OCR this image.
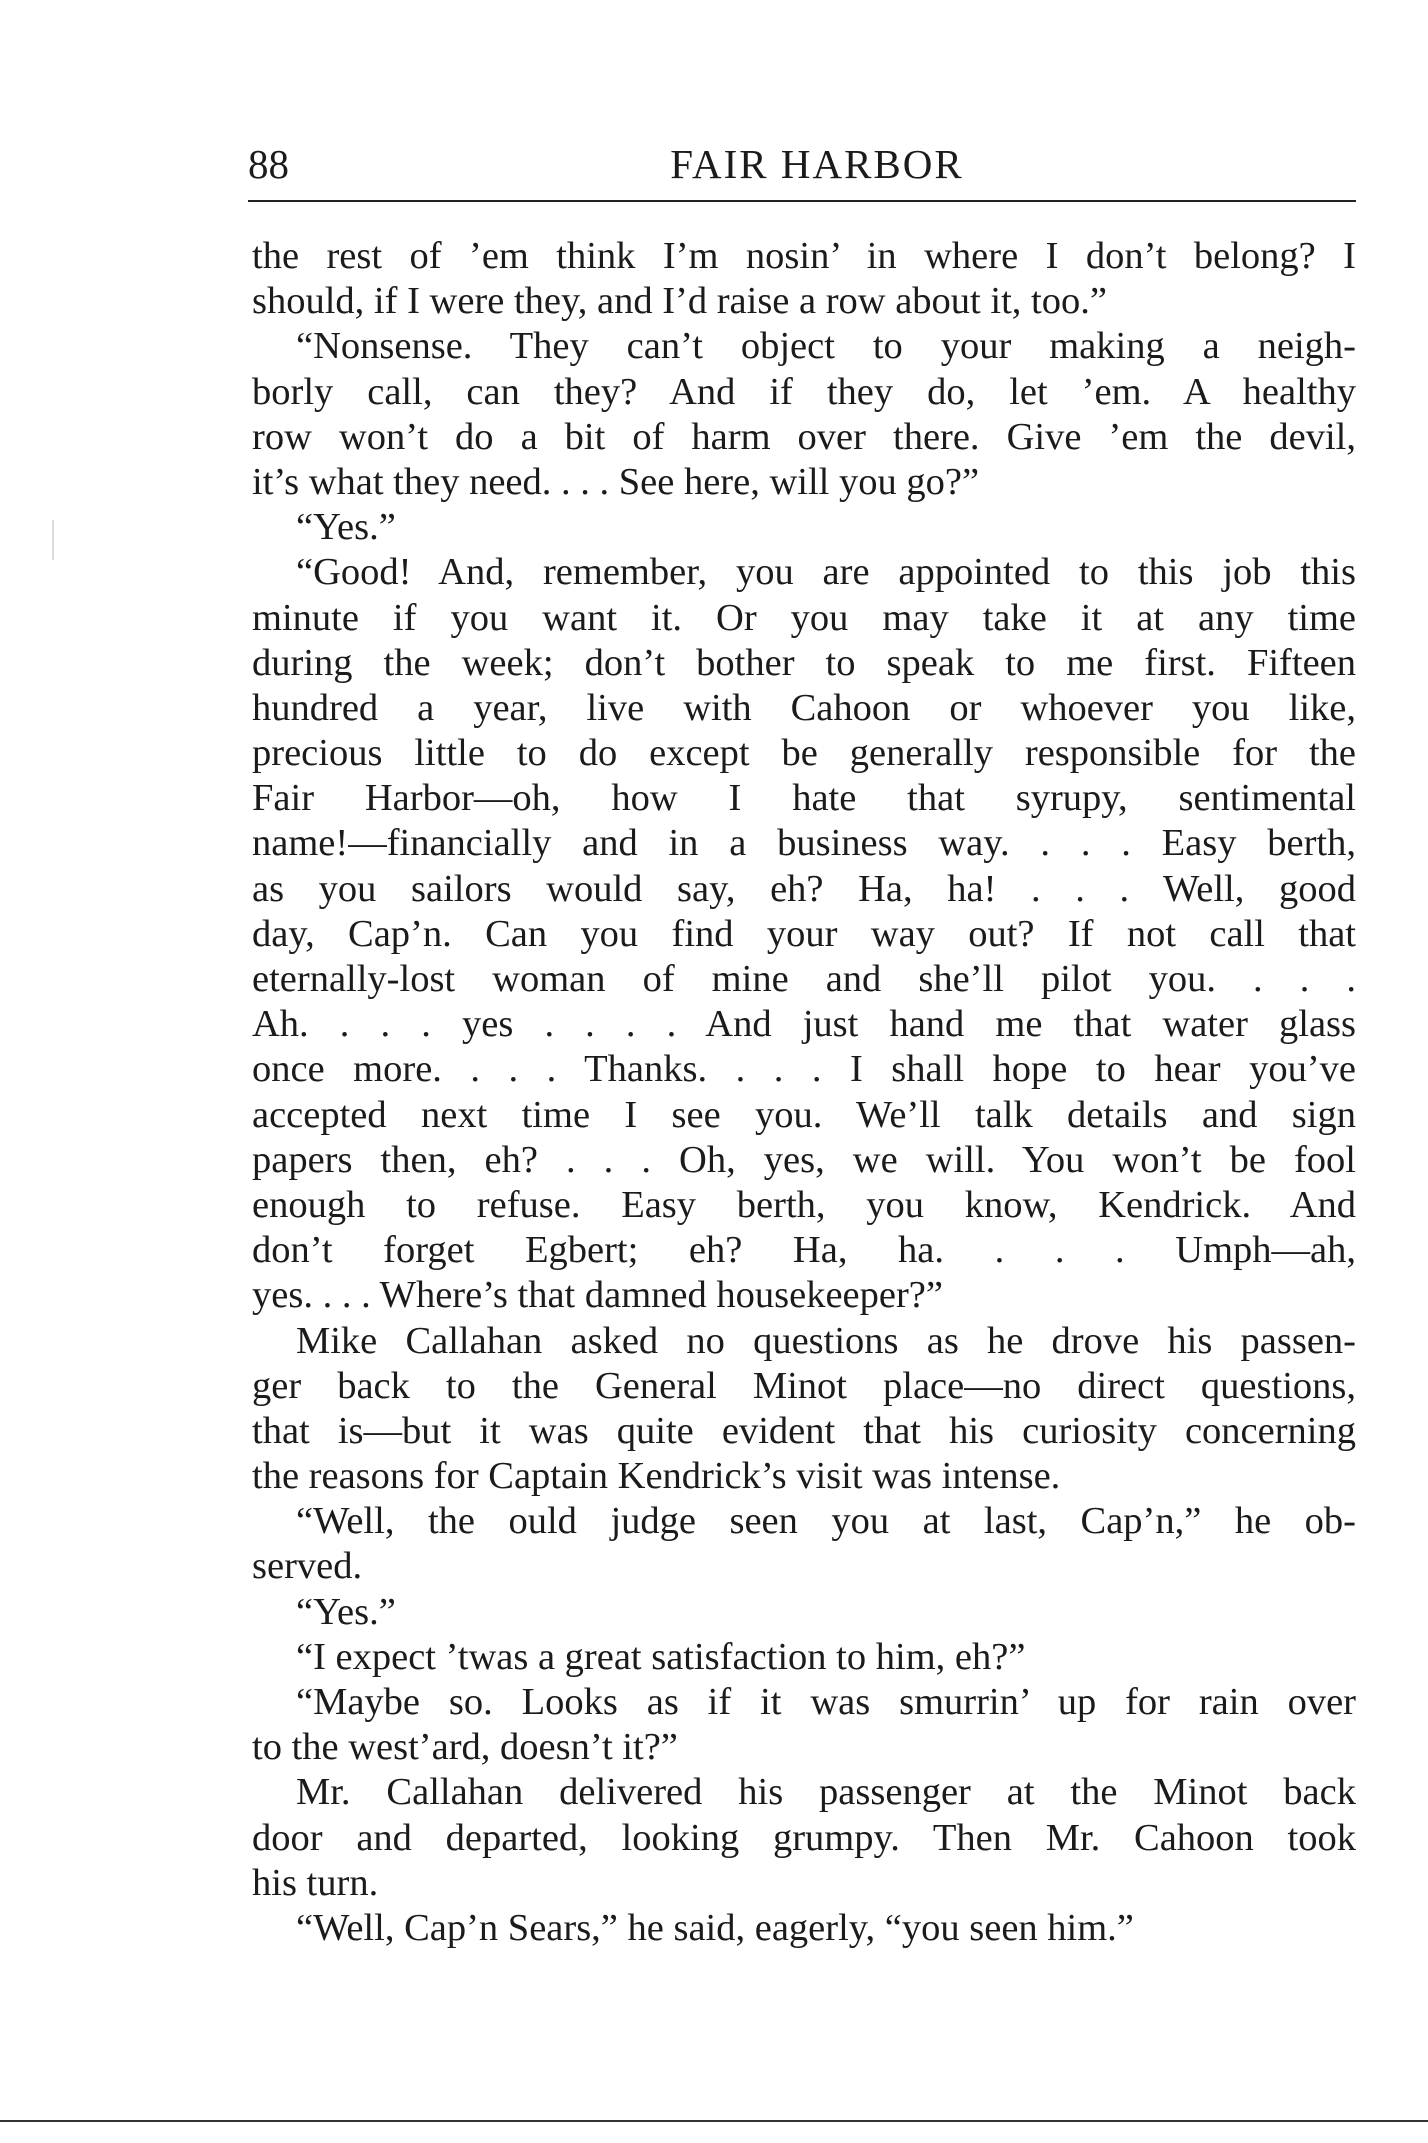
88	FAIR HARBOR
the rest of ’em think I’m nosin’ in where I don’t belong? I
should, if I were they, and I’d raise a row about it, too.”
“Nonsense. They can’t object to your making a neigh-
borly call, can they? And if they do, let ’em. A healthy
row won’t do a bit of harm over there. Give ’em the devil,
it’s what they need. . . . See here, will you go?”
“Yes.”
“Good! And, remember, you are appointed to this job this
minute if you want it. Or you may take it at any time
during the week; don’t bother to speak to me first. Fifteen
hundred a year, live with Cahoon or whoever you like,
precious little to do except be generally responsible for the
Fair Harbor—oh, how I hate that syrupy, sentimental
name!—financially and in a business way. . . . Easy berth,
as you sailors would say, eh? Ha, ha! . . . Well, good
day, Cap’n. Can you find your way out? If not call that
eternally-lost woman of mine and she’ll pilot you. . . .
Ah. . . . yes . . . . And just hand me that water glass
once more. . . . Thanks. . . . I shall hope to hear you’ve
accepted next time I see you. We’ll talk details and sign
papers then, eh? . . . Oh, yes, we will. You won’t be fool
enough to refuse. Easy berth, you know, Kendrick. And
don’t forget Egbert; eh? Ha, ha. . . . Umph—ah,
yes. . . . Where’s that damned housekeeper?”
Mike Callahan asked no questions as he drove his passen-
ger back to the General Minot place—no direct questions,
that is—but it was quite evident that his curiosity concerning
the reasons for Captain Kendrick’s visit was intense.
“Well, the ould judge seen you at last, Cap’n,” he ob-
served.
“Yes.”
“I expect ’twas a great satisfaction to him, eh?”
“Maybe so. Looks as if it was smurrin’ up for rain over
to the west’ard, doesn’t it?”
Mr. Callahan delivered his passenger at the Minot back
door and departed, looking grumpy. Then Mr. Cahoon took
his turn.
“Well, Cap’n Sears,” he said, eagerly, “you seen him.”
